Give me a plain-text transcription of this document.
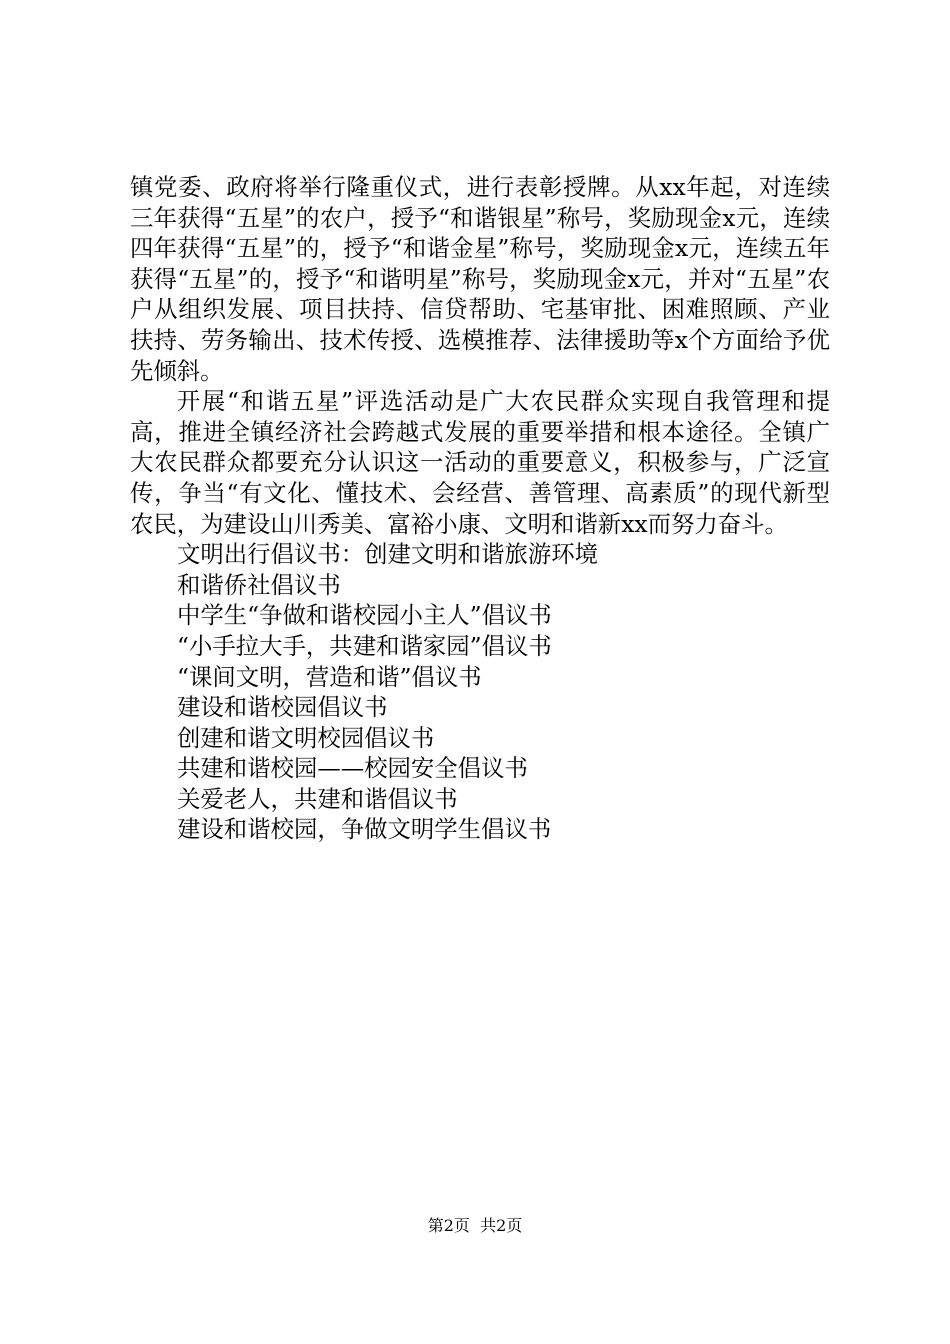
镇党委、政府将举行隆重仪式，进行表彰授牌。从xx年起，对连续三年获得“五星”的农户，授予“和谐银星”称号，奖励现金x元，连续四年获得“五星”的，授予“和谐金星”称号，奖励现金x元，连续五年获得“五星”的，授予“和谐明星”称号，奖励现金x元，并对“五星”农户从组织发展、项目扶持、信贷帮助、宅基审批、困难照顾、产业扶持、劳务输出、技术传授、选模推荐、法律援助等x个方面给予优先倾斜。

开展“和谐五星”评选活动是广大农民群众实现自我管理和提高，推进全镇经济社会跨越式发展的重要举措和根本途径。全镇广大农民群众都要充分认识这一活动的重要意义，积极参与，广泛宣传，争当“有文化、懂技术、会经营、善管理、高素质”的现代新型农民，为建设山川秀美、富裕小康、文明和谐新xx而努力奋斗。

文明出行倡议书：创建文明和谐旅游环境
和谐侨社倡议书
中学生“争做和谐校园小主人”倡议书
“小手拉大手，共建和谐家园”倡议书
“课间文明，营造和谐”倡议书
建设和谐校园倡议书
创建和谐文明校园倡议书
共建和谐校园——校园安全倡议书
关爱老人，共建和谐倡议书
建设和谐校园，争做文明学生倡议书
第2页  共2页
